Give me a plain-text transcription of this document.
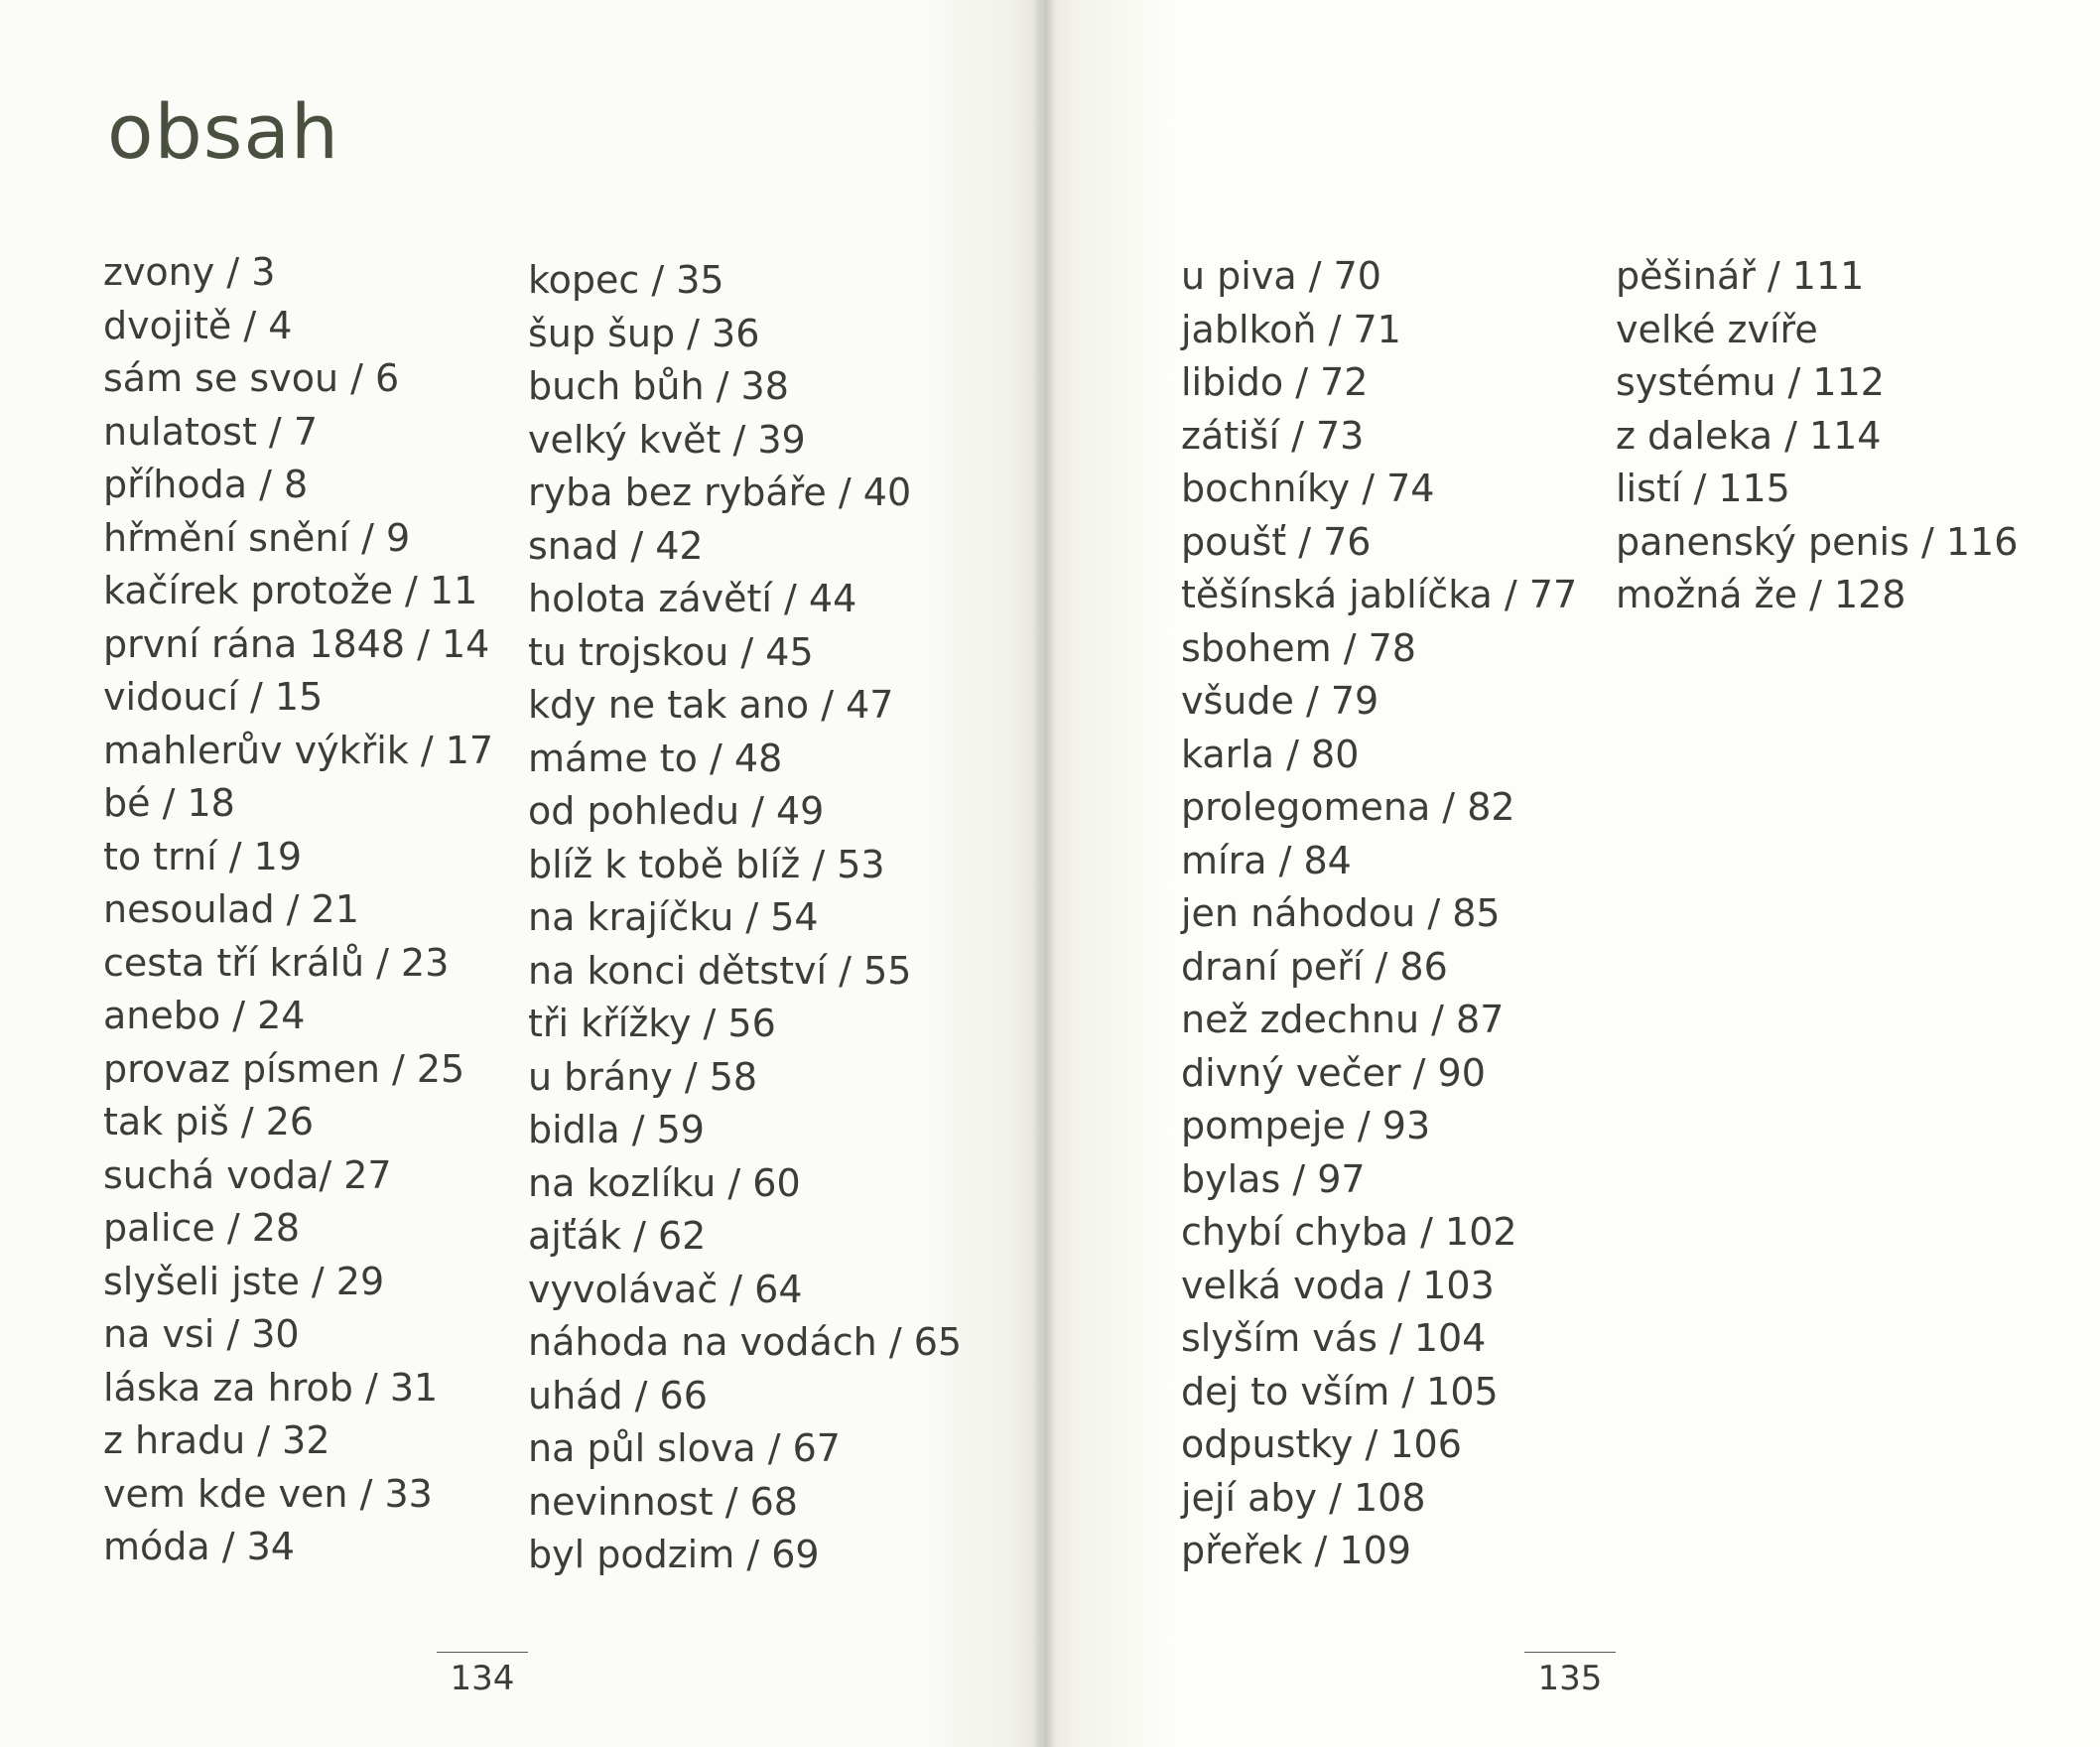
obsah
zvony / 3
dvojitě / 4
sám se svou / 6
nulatost / 7
příhoda / 8
hřmění snění / 9
kačírek protože / 11
první rána 1848 / 14
vidoucí / 15
mahlerův výkřik / 17
bé / 18
to trní / 19
nesoulad / 21
cesta tří králů / 23
anebo / 24
provaz písmen / 25
tak piš / 26
suchá voda/ 27
palice / 28
slyšeli jste / 29
na vsi / 30
láska za hrob / 31
z hradu / 32
vem kde ven / 33
móda / 34
kopec / 35
šup šup / 36
buch bůh / 38
velký květ / 39
ryba bez rybáře / 40
snad / 42
holota závětí / 44
tu trojskou / 45
kdy ne tak ano / 47
máme to / 48
od pohledu / 49
blíž k tobě blíž / 53
na krajíčku / 54
na konci dětství / 55
tři křížky / 56
u brány / 58
bidla / 59
na kozlíku / 60
ajťák / 62
vyvolávač / 64
náhoda na vodách / 65
uhád / 66
na půl slova / 67
nevinnost / 68
byl podzim / 69
134
u piva / 70
jablkoň / 71
libido / 72
zátiší / 73
bochníky / 74
poušť / 76
těšínská jablíčka / 77
sbohem / 78
všude / 79
karla / 80
prolegomena / 82
míra / 84
jen náhodou / 85
draní peří / 86
než zdechnu / 87
divný večer / 90
pompeje / 93
bylas / 97
chybí chyba / 102
velká voda / 103
slyším vás / 104
dej to vším / 105
odpustky / 106
její aby / 108
přeřek / 109
pěšinář / 111
velké zvíře
systému / 112
z daleka / 114
listí / 115
panenský penis / 116
možná že / 128
135
